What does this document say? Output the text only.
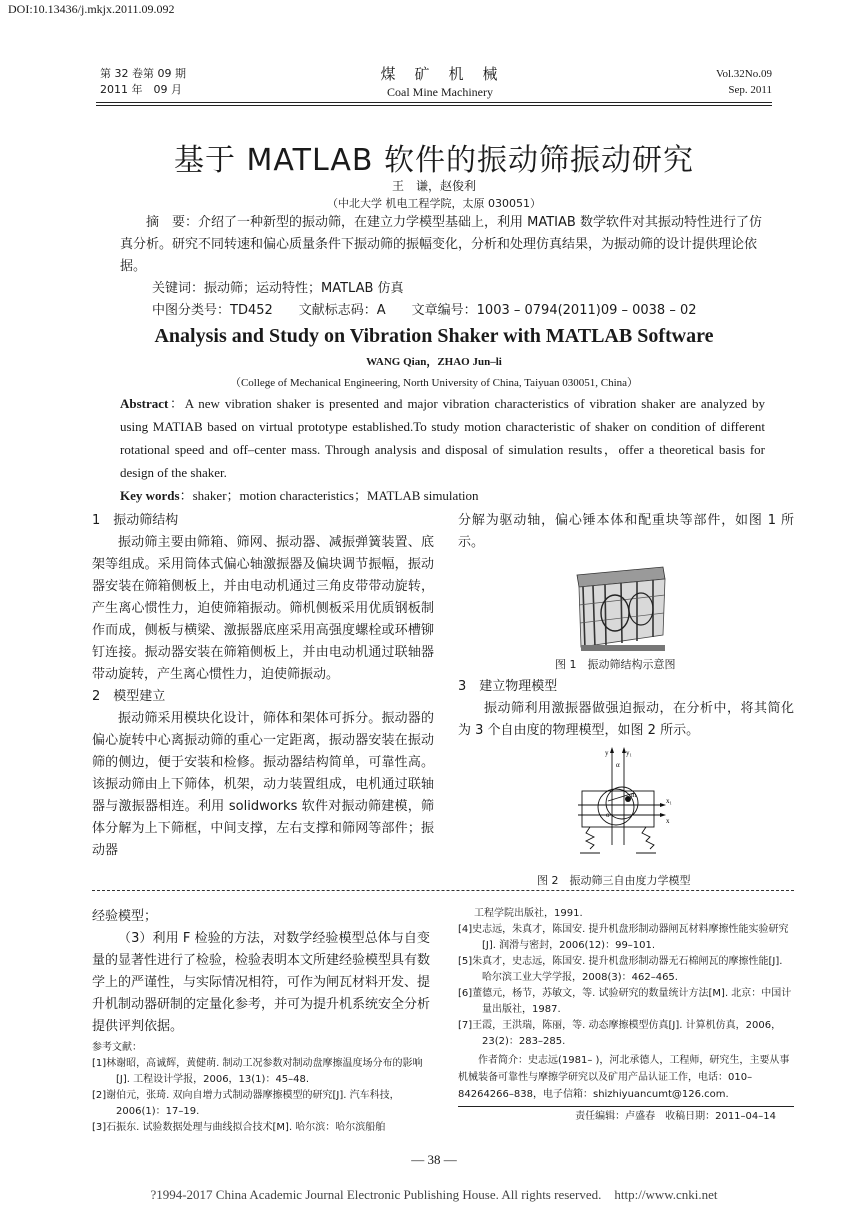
DOI:10.13436/j.mkjx.2011.09.092
第 32 卷第 09 期
2011 年　09 月
煤　矿　机　械
Coal Mine Machinery
Vol.32No.09
Sep. 2011
基于 MATLAB 软件的振动筛振动研究
王　谦，赵俊利
（中北大学 机电工程学院，太原 030051）

摘　要：介绍了一种新型的振动筛，在建立力学模型基础上，利用 MATIAB 数学软件对其振动特性进行了仿真分析。研究不同转速和偏心质量条件下振动筛的振幅变化，分析和处理仿真结果，为振动筛的设计提供理论依据。

关键词：振动筛；运动特性；MATLAB 仿真

中图分类号：TD452　　文献标志码：A　　文章编号：1003 – 0794(2011)09 – 0038 – 02

Analysis and Study on Vibration Shaker with MATLAB Software
WANG Qian，ZHAO Jun–li
（College of Mechanical Engineering, North University of China, Taiyuan 030051, China）

Abstract：A new vibration shaker is presented and major vibration characteristics of vibration shaker are analyzed by using MATIAB based on virtual prototype established.To study motion characteristic of shaker on condition of different rotational speed and off–center mass. Through analysis and disposal of simulation results，offer a theoretical basis for design of the shaker.

Key words：shaker；motion characteristics；MATLAB simulation

1　振动筛结构

振动筛主要由筛箱、筛网、振动器、减振弹簧装置、底架等组成。采用筒体式偏心轴激振器及偏块调节振幅，振动器安装在筛箱侧板上，并由电动机通过三角皮带带动旋转，产生离心惯性力，迫使筛箱振动。筛机侧板采用优质钢板制作而成，侧板与横梁、激振器底座采用高强度螺栓或环槽铆钉连接。振动器安装在筛箱侧板上，并由电动机通过联轴器带动旋转，产生离心惯性力，迫使筛振动。

2　模型建立

振动筛采用模块化设计，筛体和架体可拆分。振动器的偏心旋转中心离振动筛的重心一定距离，振动器安装在振动筛的侧边，便于安装和检修。振动器结构简单，可靠性高。该振动筛由上下筛体，机架，动力装置组成，电机通过联轴器与激振器相连。利用 solidworks 软件对振动筛建模，筛体分解为上下筛框，中间支撑，左右支撑和筛网等部件；振动器

分解为驱动轴，偏心锤本体和配重块等部件，如图 1 所示。

图 1　振动筛结构示意图

3　建立物理模型

振动筛利用激振器做强迫振动，在分析中，将其简化为 3 个自由度的物理模型，如图 2 所示。

y	y₁
x₁
x
m
o
α
图 2　振动筛三自由度力学模型

经验模型；

（3）利用 F 检验的方法，对数学经验模型总体与自变量的显著性进行了检验，检验表明本文所建经验模型具有数学上的严谨性，与实际情况相符，可作为闸瓦材料开发、提升机制动器研制的定量化参考，并可为提升机系统安全分析提供评判依据。

参考文献：

[1]林谢昭，高诚辉，黄健萌. 制动工况参数对制动盘摩擦温度场分布的影响[J]. 工程设计学报，2006，13(1)：45–48.

[2]谢伯元，张琦. 双向自增力式制动器摩擦模型的研究[J]. 汽车科技，2006(1)：17–19.

[3]石振东. 试验数据处理与曲线拟合技术[M]. 哈尔滨：哈尔滨船舶

工程学院出版社，1991.

[4]史志远，朱真才，陈国安. 提升机盘形制动器闸瓦材料摩擦性能实验研究[J]. 润滑与密封，2006(12)：99–101.

[5]朱真才，史志远，陈国安. 提升机盘形制动器无石棉闸瓦的摩擦性能[J]. 哈尔滨工业大学学报，2008(3)：462–465.

[6]董德元，杨节，苏敏文，等. 试验研究的数量统计方法[M]. 北京：中国计量出版社，1987.

[7]王霞，王洪瑞，陈丽，等. 动态摩擦模型仿真[J]. 计算机仿真，2006，23(2)：283–285.

作者简介：史志远(1981– )，河北承德人，工程师，研究生，主要从事机械装备可靠性与摩擦学研究以及矿用产品认证工作，电话：010–84264266–838，电子信箱：shizhiyuancumt@126.com.

责任编辑：卢盛春　收稿日期：2011–04–14

— 38 —
?1994-2017 China Academic Journal Electronic Publishing House. All rights reserved.　http://www.cnki.net
